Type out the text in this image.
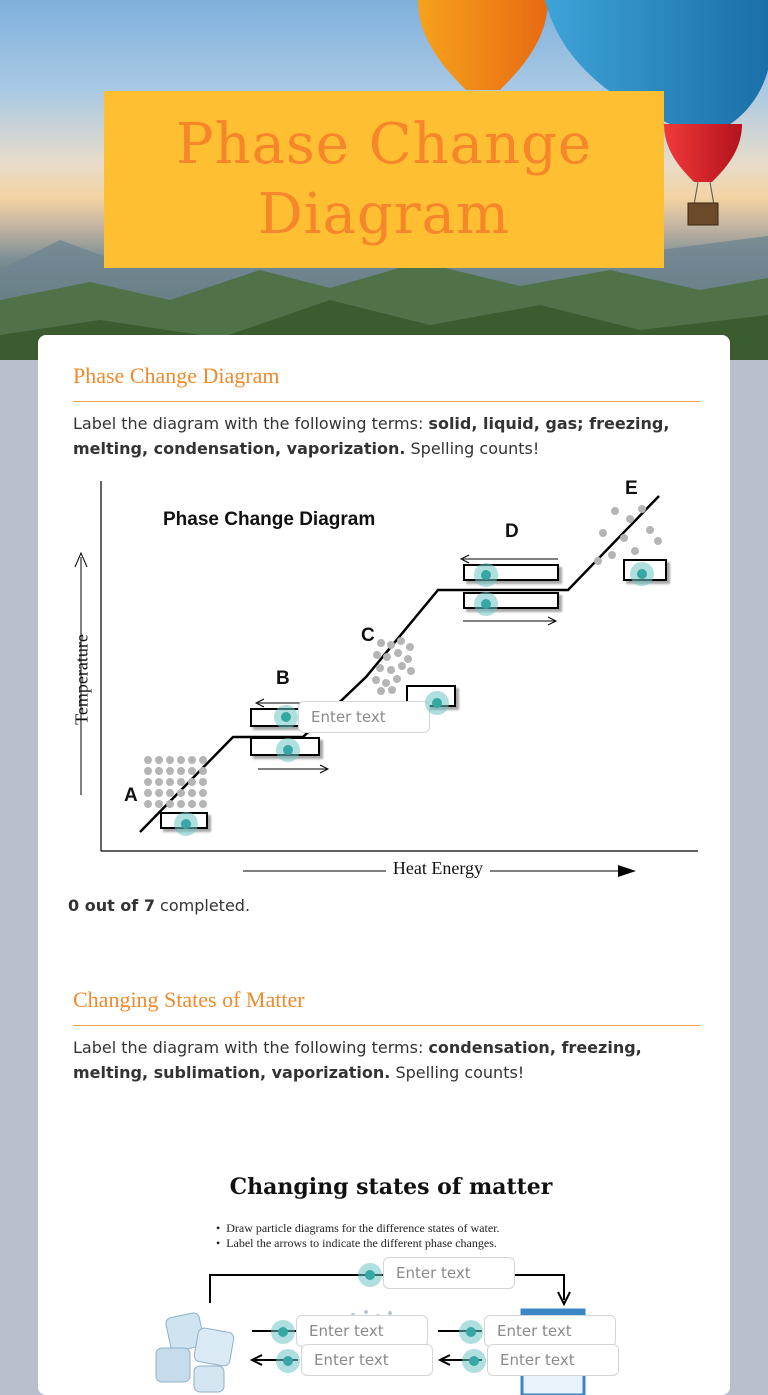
Phase Change Diagram
Phase Change Diagram
Label the diagram with the following terms: solid, liquid, gas; freezing, melting, condensation, vaporization. Spelling counts!
Phase Change Diagram
Temperature
Heat Energy
A
B
C
D
E
Enter text
0 out of 7 completed.
Changing States of Matter
Label the diagram with the following terms: condensation, freezing, melting, sublimation, vaporization. Spelling counts!
Changing states of matter
•  Draw particle diagrams for the difference states of water.
•  Label the arrows to indicate the different phase changes.
Enter text
Enter text
Enter text
Enter text
Enter text
